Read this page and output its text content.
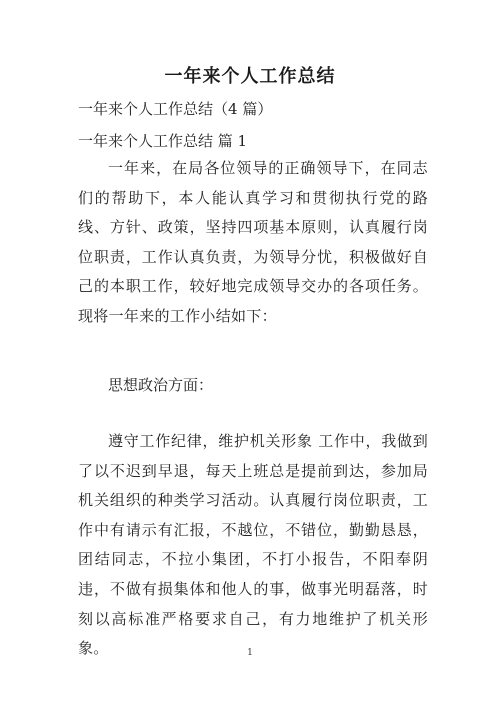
一年来个人工作总结
一年来个人工作总结（4 篇）
一年来个人工作总结 篇 1

一年来，在局各位领导的正确领导下，在同志们的帮助下，本人能认真学习和贯彻执行党的路线、方针、政策，坚持四项基本原则，认真履行岗位职责，工作认真负责，为领导分忧，积极做好自己的本职工作，较好地完成领导交办的各项任务。现将一年来的工作小结如下：

思想政治方面：

遵守工作纪律，维护机关形象 工作中，我做到了以不迟到早退，每天上班总是提前到达，参加局机关组织的种类学习活动。认真履行岗位职责，工作中有请示有汇报，不越位，不错位，勤勤恳恳，团结同志，不拉小集团，不打小报告，不阳奉阴违，不做有损集体和他人的事，做事光明磊落，时刻以高标准严格要求自己，有力地维护了机关形象。	1
